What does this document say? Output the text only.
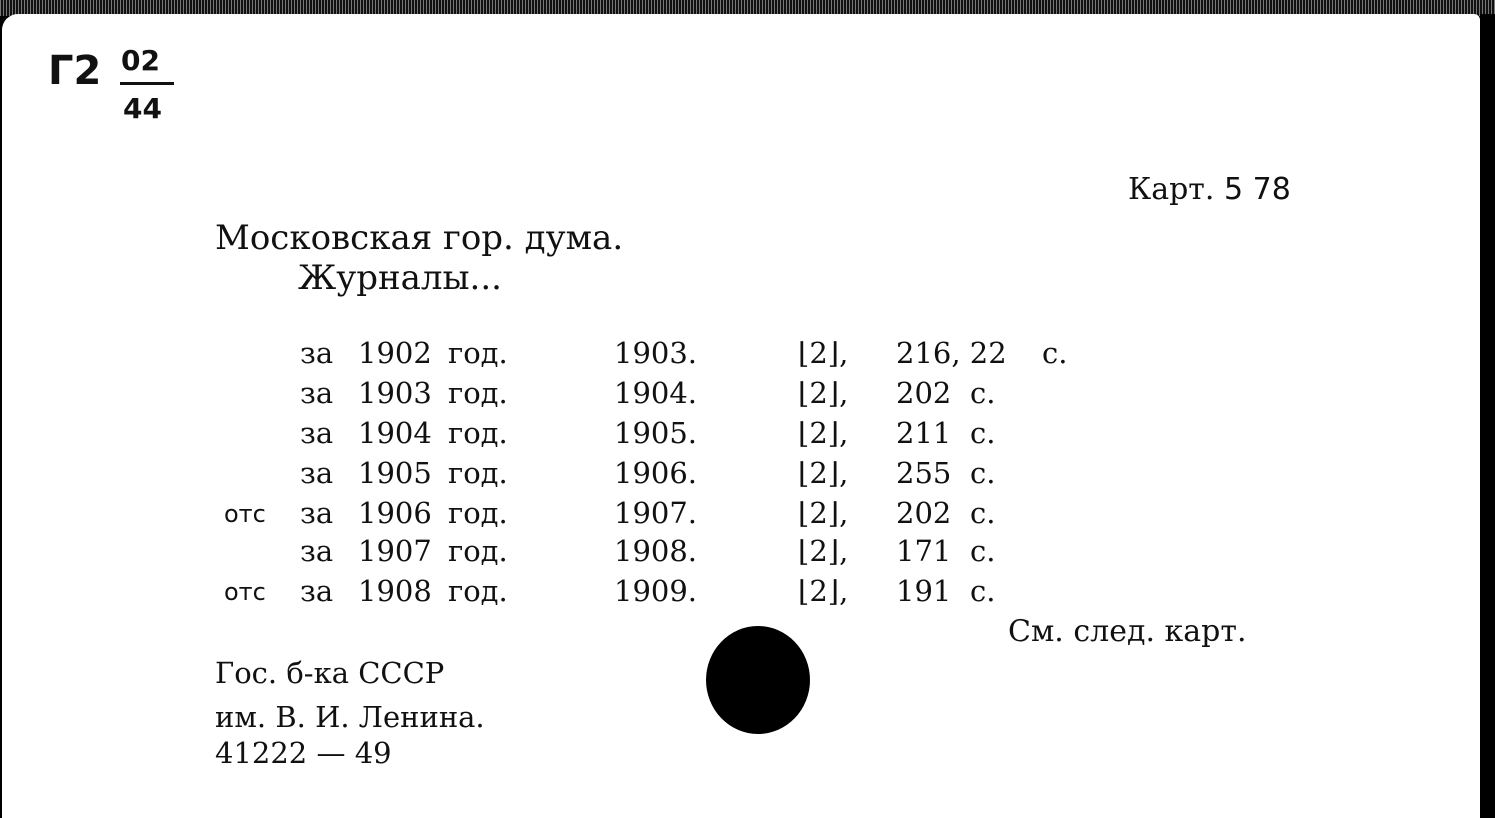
Г2 02
44
Карт. 5 78
Московская гор. дума.
Журналы...
за 1902 год.	1903.	⌊2⌋, 216, 22 с.
за 1903 год.	1904.	⌊2⌋, 202 с.
за 1904 год.	1905.	⌊2⌋, 211 с.
за 1905 год.	1906.	⌊2⌋, 255 с.
отс за 1906 год.	1907.	⌊2⌋, 202 с.
за 1907 год.	1908.	⌊2⌋, 171 с.
отс за 1908 год.	1909.	⌊2⌋, 191 с.
См. след. карт.
Гос. б-ка СССР
им. В. И. Ленина.
41222 — 49
